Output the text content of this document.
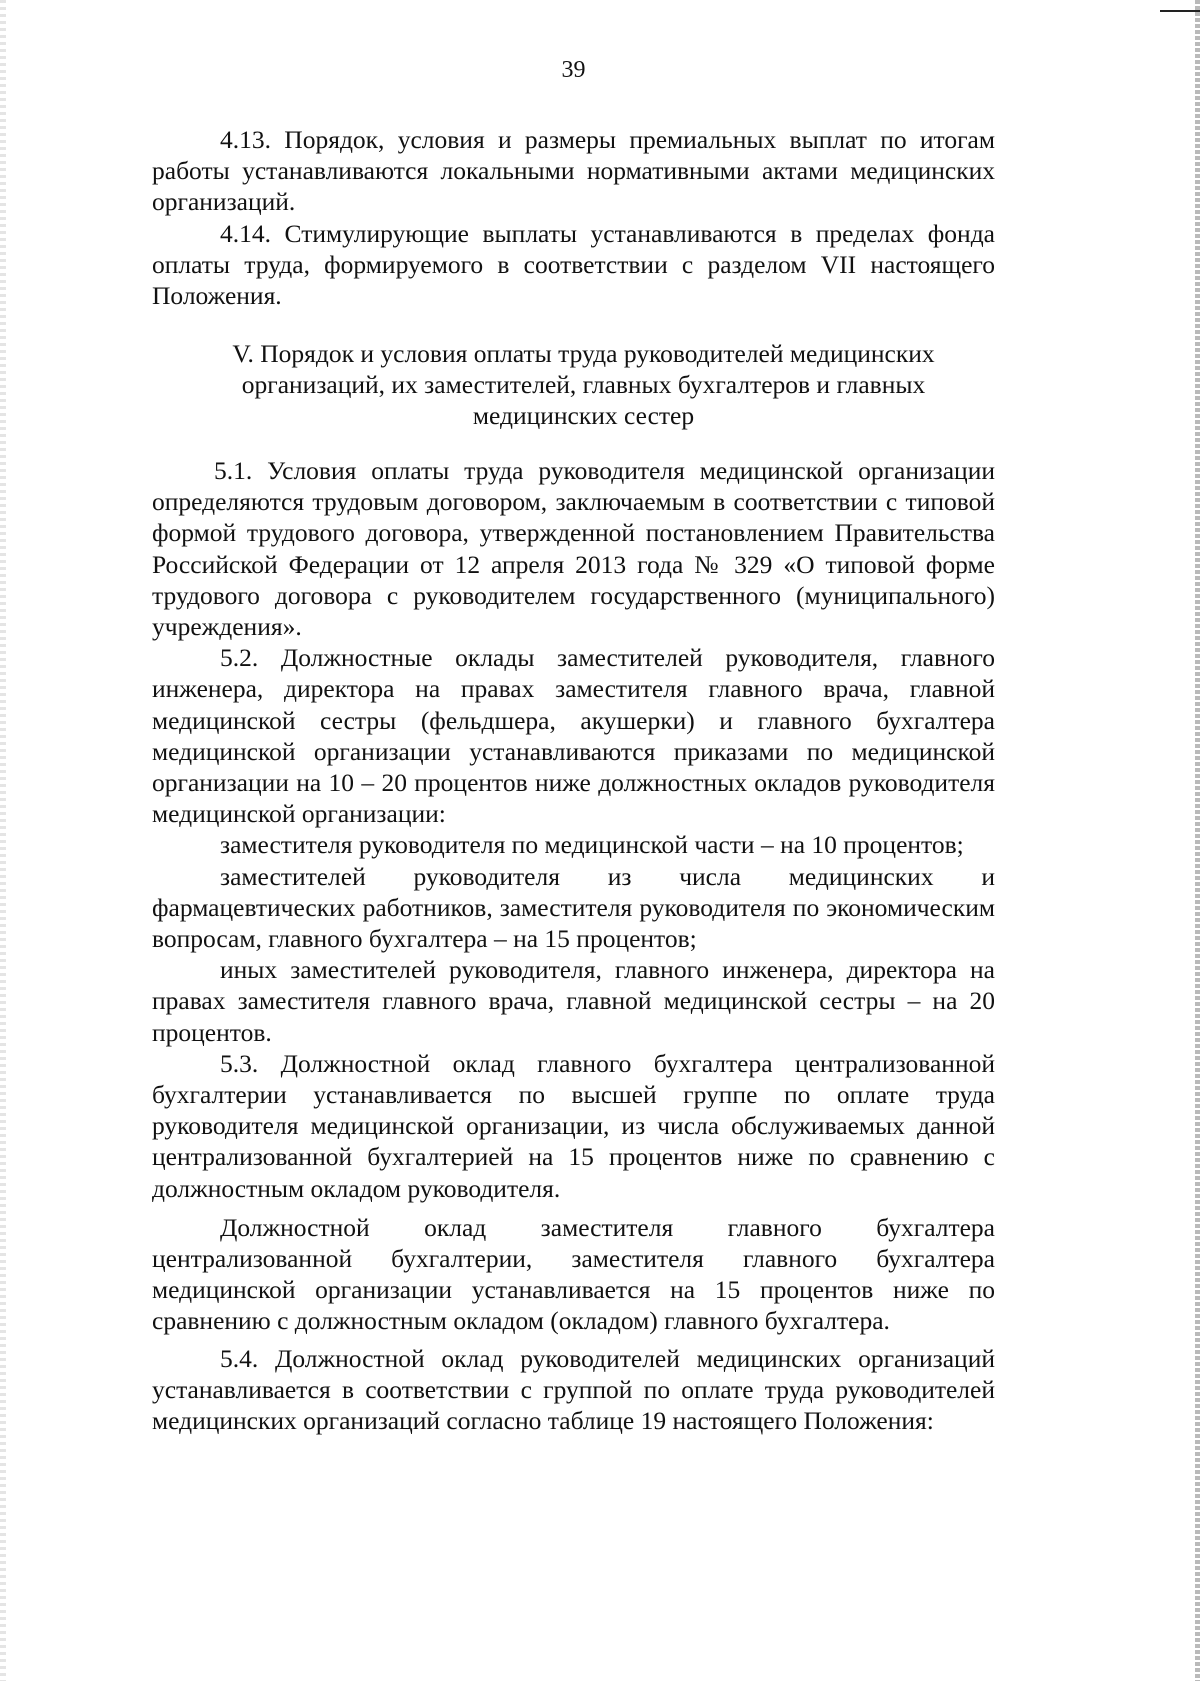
39

4.13. Порядок, условия и размеры премиальных выплат по итогам работы устанавливаются локальными нормативными актами медицинских организаций.

4.14. Стимулирующие выплаты устанавливаются в пределах фонда оплаты труда, формируемого в соответствии с разделом VII настоящего Положения.

V. Порядок и условия оплаты труда руководителей медицинских организаций, их заместителей, главных бухгалтеров и главных медицинских сестер

5.1. Условия оплаты труда руководителя медицинской организации определяются трудовым договором, заключаемым в соответствии с типовой формой трудового договора, утвержденной постановлением Правительства Российской Федерации от 12 апреля 2013 года № 329 «О типовой форме трудового договора с руководителем государственного (муниципального) учреждения».

5.2. Должностные оклады заместителей руководителя, главного инженера, директора на правах заместителя главного врача, главной медицинской сестры (фельдшера, акушерки) и главного бухгалтера медицинской организации устанавливаются приказами по медицинской организации на 10 – 20 процентов ниже должностных окладов руководителя медицинской организации:

заместителя руководителя по медицинской части – на 10 процентов;

заместителей руководителя из числа медицинских и фармацевтических работников, заместителя руководителя по экономическим вопросам, главного бухгалтера – на 15 процентов;

иных заместителей руководителя, главного инженера, директора на правах заместителя главного врача, главной медицинской сестры – на 20 процентов.

5.3. Должностной оклад главного бухгалтера централизованной бухгалтерии устанавливается по высшей группе по оплате труда руководителя медицинской организации, из числа обслуживаемых данной централизованной бухгалтерией на 15 процентов ниже по сравнению с должностным окладом руководителя.

Должностной оклад заместителя главного бухгалтера централизованной бухгалтерии, заместителя главного бухгалтера медицинской организации устанавливается на 15 процентов ниже по сравнению с должностным окладом (окладом) главного бухгалтера.

5.4. Должностной оклад руководителей медицинских организаций устанавливается в соответствии с группой по оплате труда руководителей медицинских организаций согласно таблице 19 настоящего Положения:
